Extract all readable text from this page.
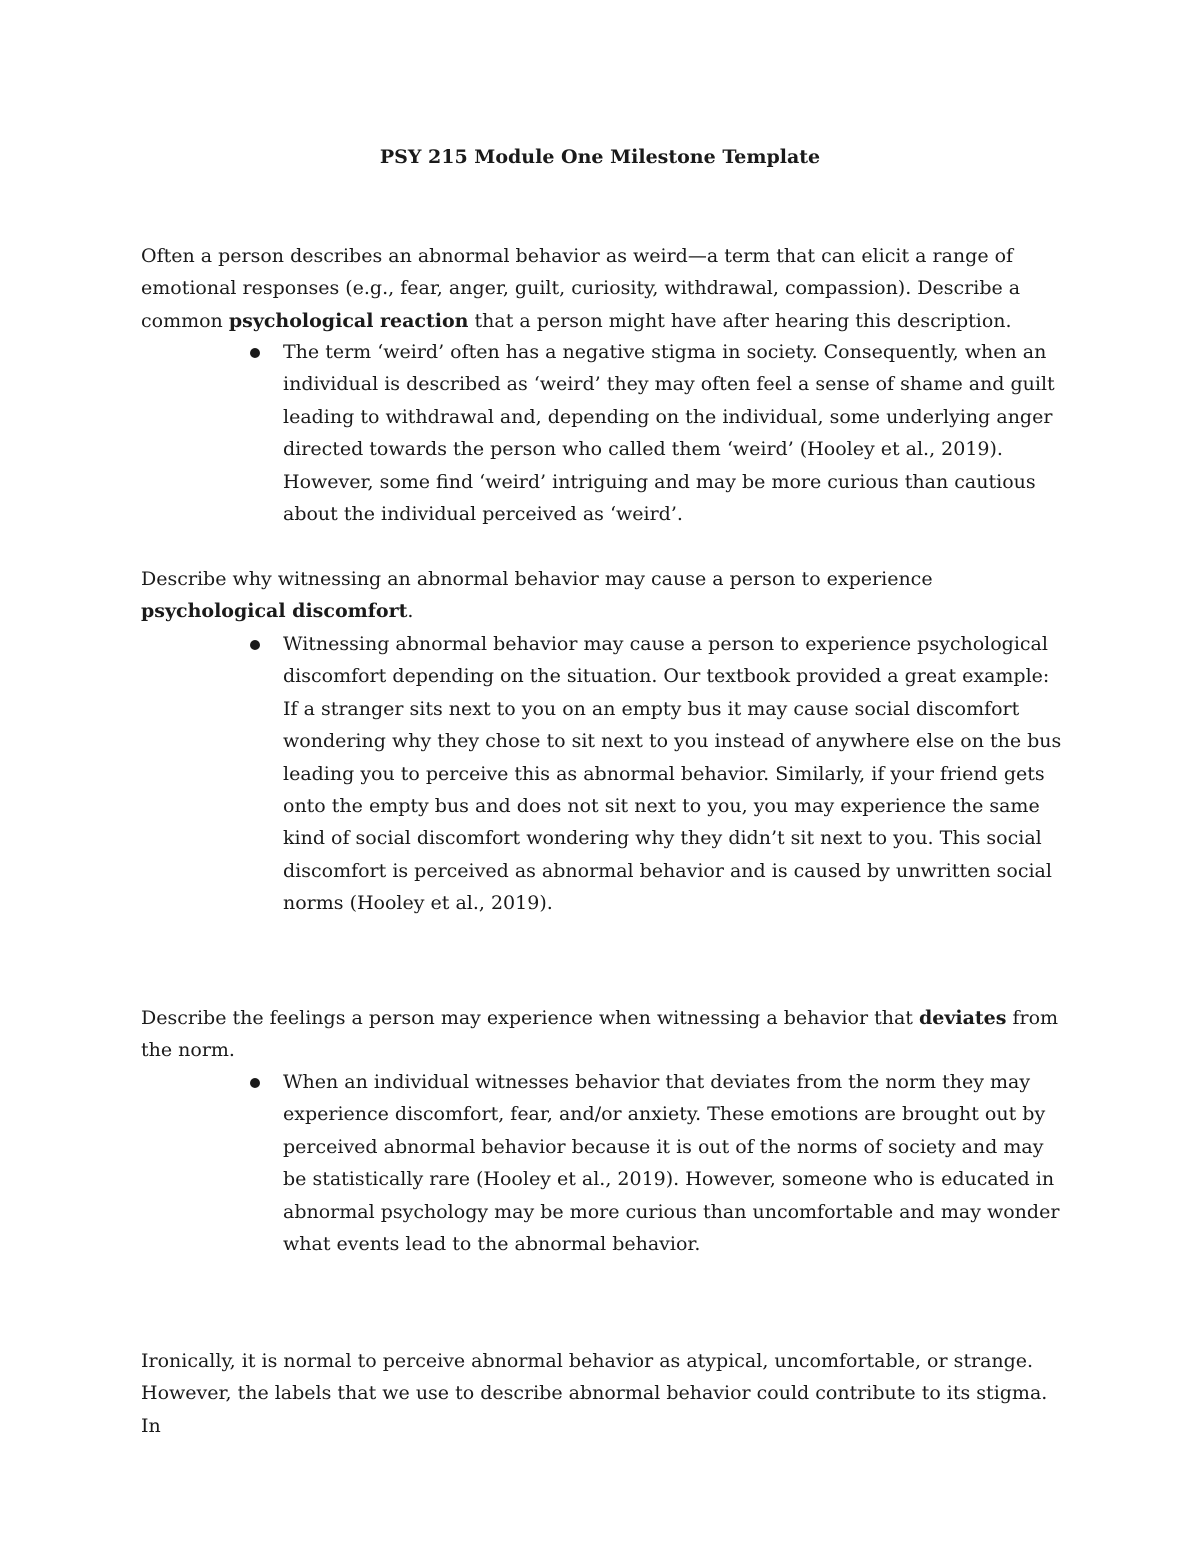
PSY 215 Module One Milestone Template

Often a person describes an abnormal behavior as weird—a term that can elicit a range of emotional responses (e.g., fear, anger, guilt, curiosity, withdrawal, compassion). Describe a common psychological reaction that a person might have after hearing this description.

The term ‘weird’ often has a negative stigma in society. Consequently, when an individual is described as ‘weird’ they may often feel a sense of shame and guilt leading to withdrawal and, depending on the individual, some underlying anger directed towards the person who called them ‘weird’ (Hooley et al., 2019). However, some find ‘weird’ intriguing and may be more curious than cautious about the individual perceived as ‘weird’.

Describe why witnessing an abnormal behavior may cause a person to experience psychological discomfort.

Witnessing abnormal behavior may cause a person to experience psychological discomfort depending on the situation. Our textbook provided a great example: If a stranger sits next to you on an empty bus it may cause social discomfort wondering why they chose to sit next to you instead of anywhere else on the bus leading you to perceive this as abnormal behavior. Similarly, if your friend gets onto the empty bus and does not sit next to you, you may experience the same kind of social discomfort wondering why they didn’t sit next to you. This social discomfort is perceived as abnormal behavior and is caused by unwritten social norms (Hooley et al., 2019).

Describe the feelings a person may experience when witnessing a behavior that deviates from the norm.

When an individual witnesses behavior that deviates from the norm they may experience discomfort, fear, and/or anxiety. These emotions are brought out by perceived abnormal behavior because it is out of the norms of society and may be statistically rare (Hooley et al., 2019). However, someone who is educated in abnormal psychology may be more curious than uncomfortable and may wonder what events lead to the abnormal behavior.

Ironically, it is normal to perceive abnormal behavior as atypical, uncomfortable, or strange. However, the labels that we use to describe abnormal behavior could contribute to its stigma. In
